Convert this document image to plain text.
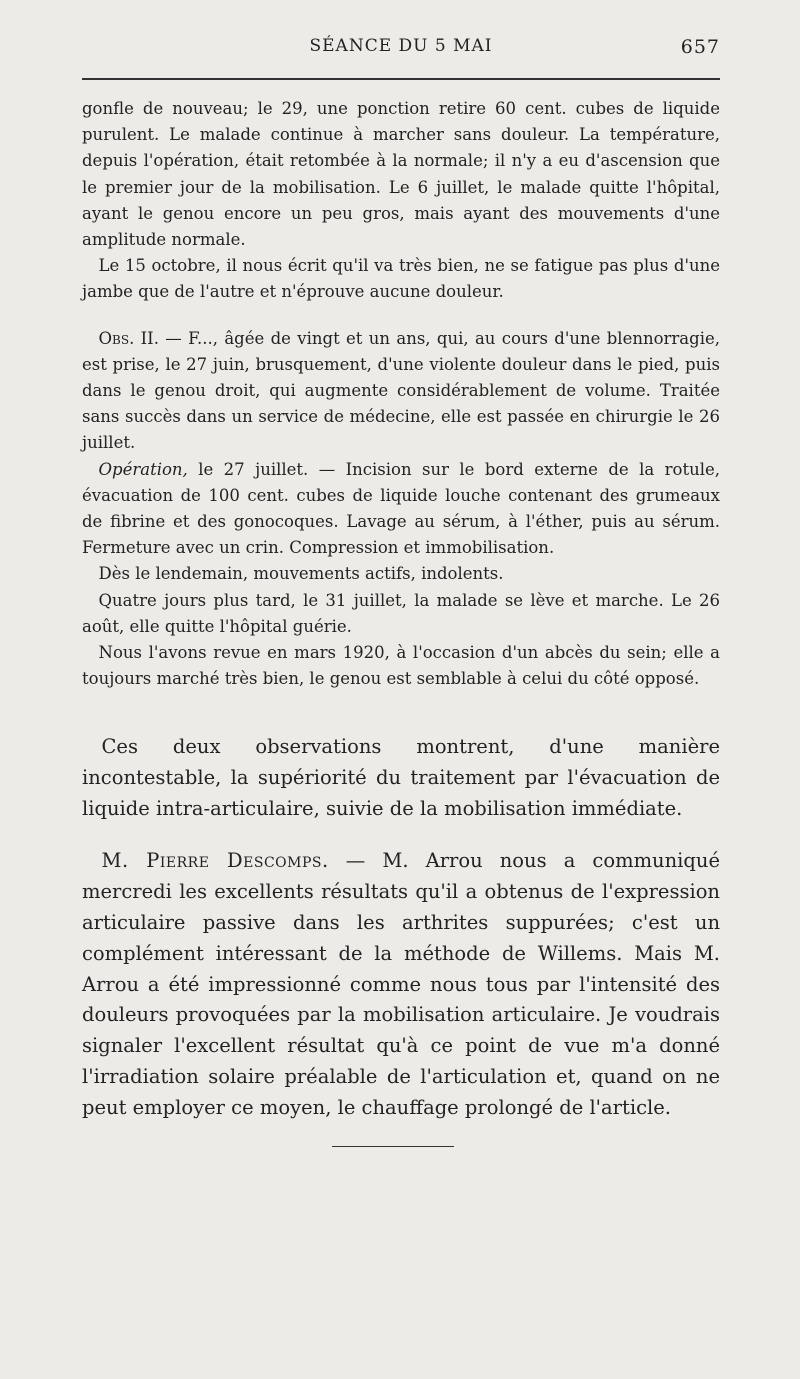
SÉANCE DU 5 MAI	657

gonfle de nouveau; le 29, une ponction retire 60 cent. cubes de liquide purulent. Le malade continue à marcher sans douleur. La température, depuis l'opération, était retombée à la normale; il n'y a eu d'ascension que le premier jour de la mobilisation. Le 6 juillet, le malade quitte l'hôpital, ayant le genou encore un peu gros, mais ayant des mouvements d'une amplitude normale.

Le 15 octobre, il nous écrit qu'il va très bien, ne se fatigue pas plus d'une jambe que de l'autre et n'éprouve aucune douleur.

Obs. II. — F..., âgée de vingt et un ans, qui, au cours d'une blennorragie, est prise, le 27 juin, brusquement, d'une violente douleur dans le pied, puis dans le genou droit, qui augmente considérablement de volume. Traitée sans succès dans un service de médecine, elle est passée en chirurgie le 26 juillet.

Opération, le 27 juillet. — Incision sur le bord externe de la rotule, évacuation de 100 cent. cubes de liquide louche contenant des grumeaux de fibrine et des gonocoques. Lavage au sérum, à l'éther, puis au sérum. Fermeture avec un crin. Compression et immobilisation.

Dès le lendemain, mouvements actifs, indolents.

Quatre jours plus tard, le 31 juillet, la malade se lève et marche. Le 26 août, elle quitte l'hôpital guérie.

Nous l'avons revue en mars 1920, à l'occasion d'un abcès du sein; elle a toujours marché très bien, le genou est semblable à celui du côté opposé.

Ces deux observations montrent, d'une manière incontestable, la supériorité du traitement par l'évacuation de liquide intra-articulaire, suivie de la mobilisation immédiate.

M. Pierre Descomps. — M. Arrou nous a communiqué mercredi les excellents résultats qu'il a obtenus de l'expression articulaire passive dans les arthrites suppurées; c'est un complément intéressant de la méthode de Willems. Mais M. Arrou a été impressionné comme nous tous par l'intensité des douleurs provoquées par la mobilisation articulaire. Je voudrais signaler l'excellent résultat qu'à ce point de vue m'a donné l'irradiation solaire préalable de l'articulation et, quand on ne peut employer ce moyen, le chauffage prolongé de l'article.
